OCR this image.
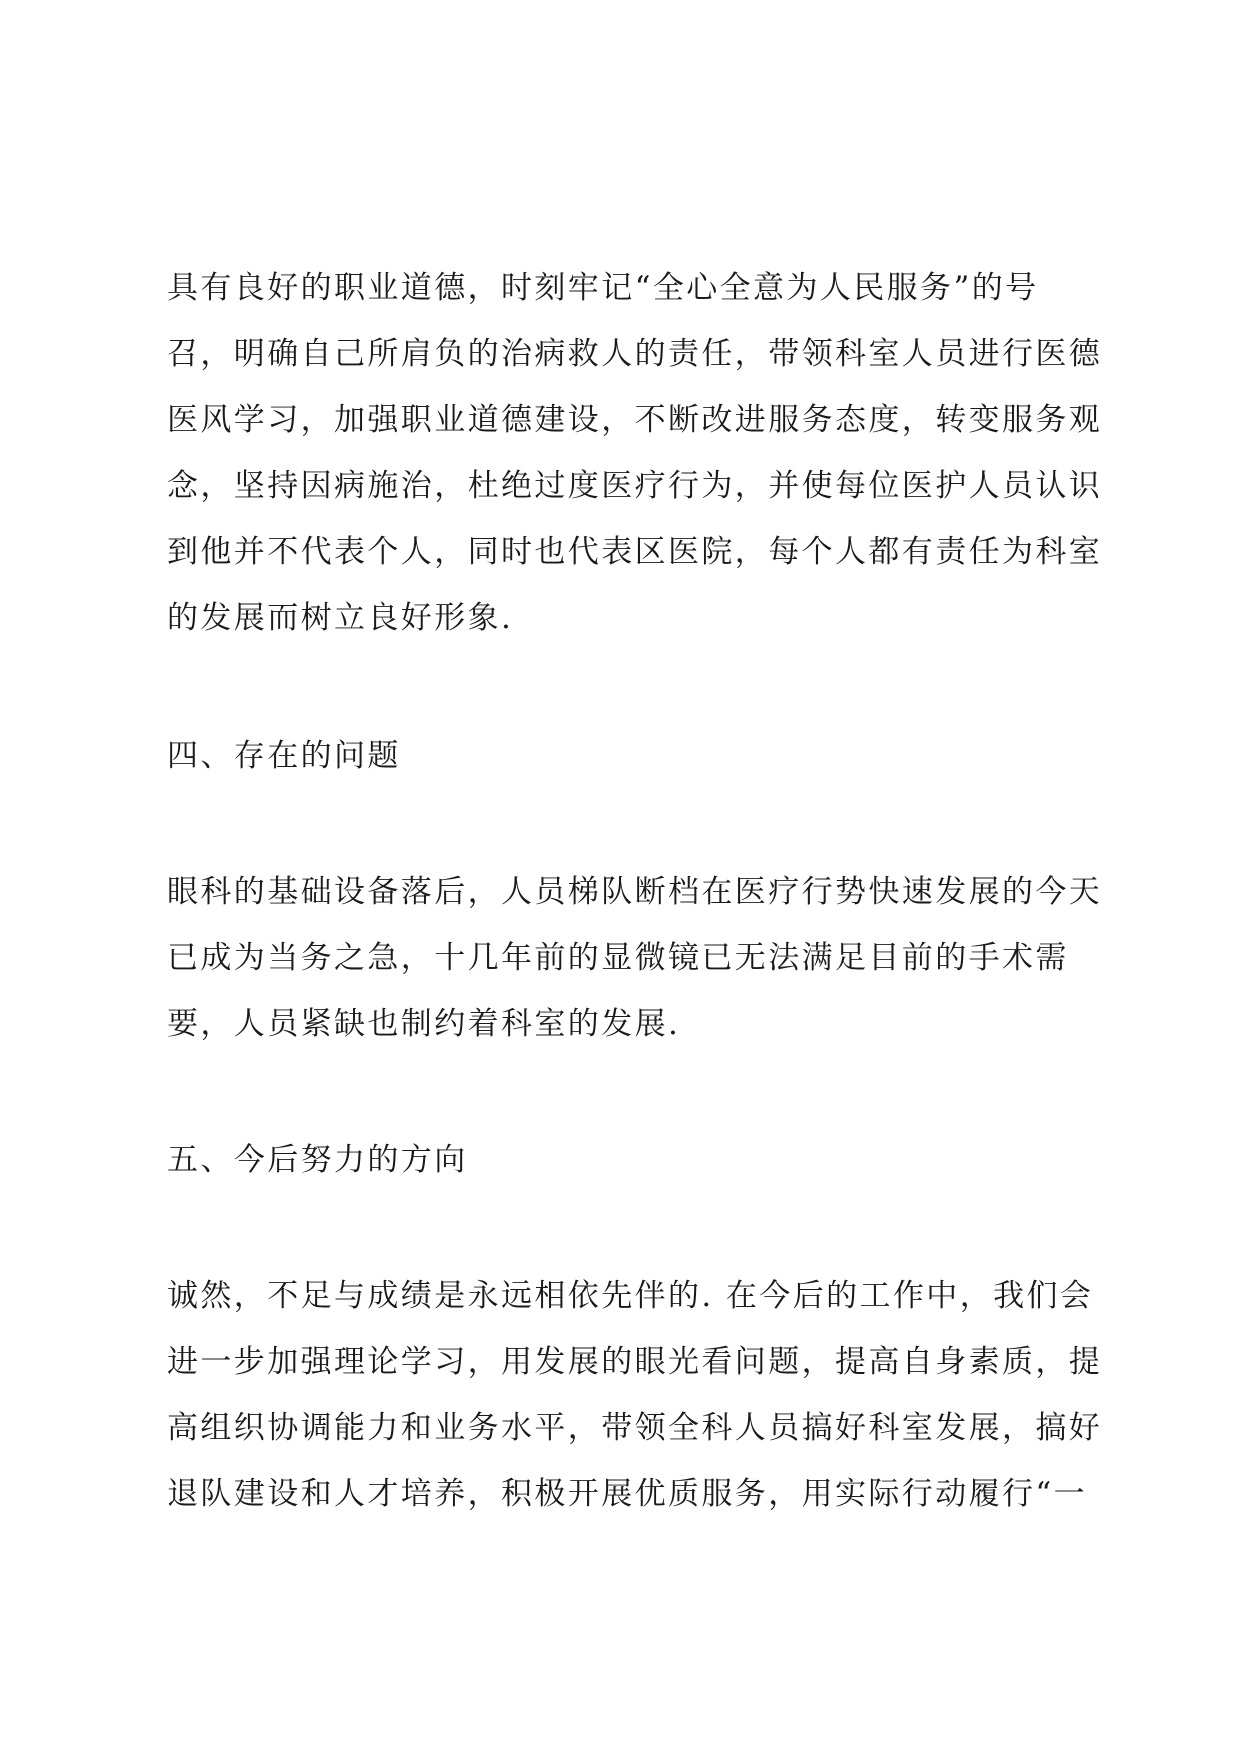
具有良好的职业道德，时刻牢记“全心全意为人民服务”的号
召，明确自己所肩负的治病救人的责任，带领科室人员进行医德
医风学习，加强职业道德建设，不断改进服务态度，转变服务观
念，坚持因病施治，杜绝过度医疗行为，并使每位医护人员认识
到他并不代表个人，同时也代表区医院，每个人都有责任为科室
的发展而树立良好形象.
四、存在的问题
眼科的基础设备落后，人员梯队断档在医疗行势快速发展的今天
已成为当务之急，十几年前的显微镜已无法满足目前的手术需
要，人员紧缺也制约着科室的发展.
五、今后努力的方向
诚然，不足与成绩是永远相依先伴的. 在今后的工作中，我们会
进一步加强理论学习，用发展的眼光看问题，提高自身素质，提
高组织协调能力和业务水平，带领全科人员搞好科室发展，搞好
退队建设和人才培养，积极开展优质服务，用实际行动履行“一
